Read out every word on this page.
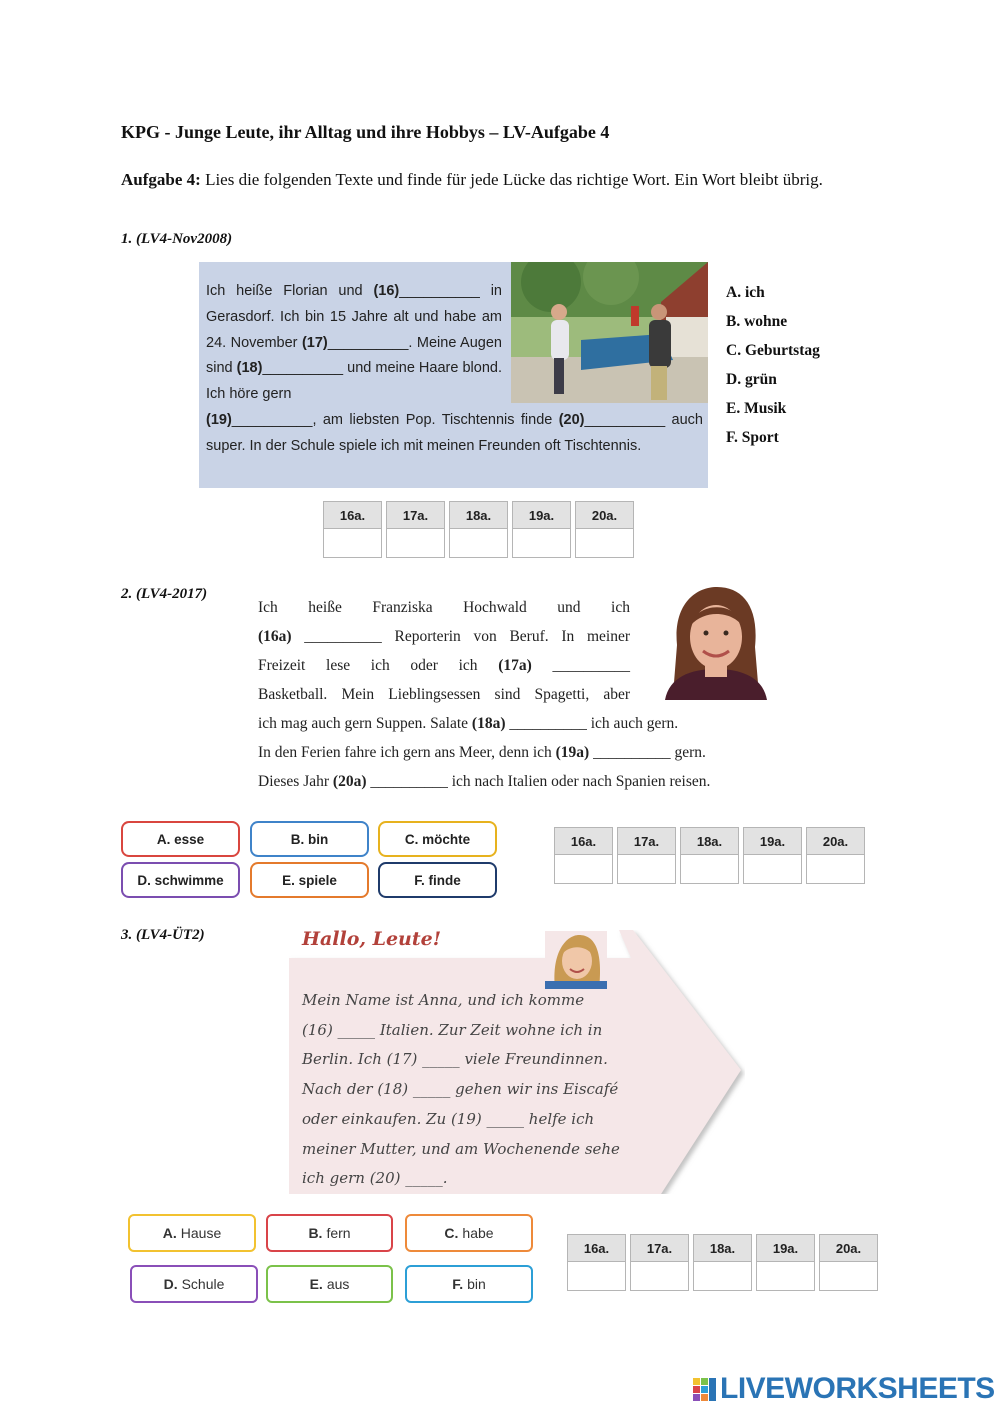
KPG - Junge Leute, ihr Alltag und ihre Hobbys – LV-Aufgabe 4
Aufgabe 4: Lies die folgenden Texte und finde für jede Lücke das richtige Wort. Ein Wort bleibt übrig.
1. (LV4-Nov2008)
Ich heiße Florian und (16)__________ in Gerasdorf. Ich bin 15 Jahre alt und habe am 24. November (17)__________. Meine Augen sind (18)__________ und meine Haare blond. Ich höre gern
(19)__________, am liebsten Pop. Tischtennis finde (20)__________ auch super. In der Schule spiele ich mit meinen Freunden oft Tischtennis.
A. ich
B. wohne
C. Geburtstag
D. grün
E. Musik
F. Sport
16a.	17a.	18a.	19a.	20a.
2. (LV4-2017)
Ich heiße Franziska Hochwald und ich
(16a) __________ Reporterin von Beruf. In meiner
Freizeit lese ich oder ich (17a) __________
Basketball. Mein Lieblingsessen sind Spagetti, aber
ich mag auch gern Suppen. Salate (18a) __________ ich auch gern.
In den Ferien fahre ich gern ans Meer, denn ich (19a) __________ gern.
Dieses Jahr (20a) __________ ich nach Italien oder nach Spanien reisen.
A. esse	B. bin	C. möchte
D. schwimme	E. spiele	F. finde
16a.	17a.	18a.	19a.	20a.
3. (LV4-ÜT2)	Hallo, Leute!
Mein Name ist Anna, und ich komme
(16) _____ Italien. Zur Zeit wohne ich in
Berlin. Ich (17) _____ viele Freundinnen.
Nach der (18) _____ gehen wir ins Eiscafé
oder einkaufen. Zu (19) _____ helfe ich
meiner Mutter, und am Wochenende sehe
ich gern (20) _____.
A. Hause	B. fern	C. habe
D. Schule	E. aus	F. bin
16a.	17a.	18a.	19a.	20a.
LIVEWORKSHEETS
